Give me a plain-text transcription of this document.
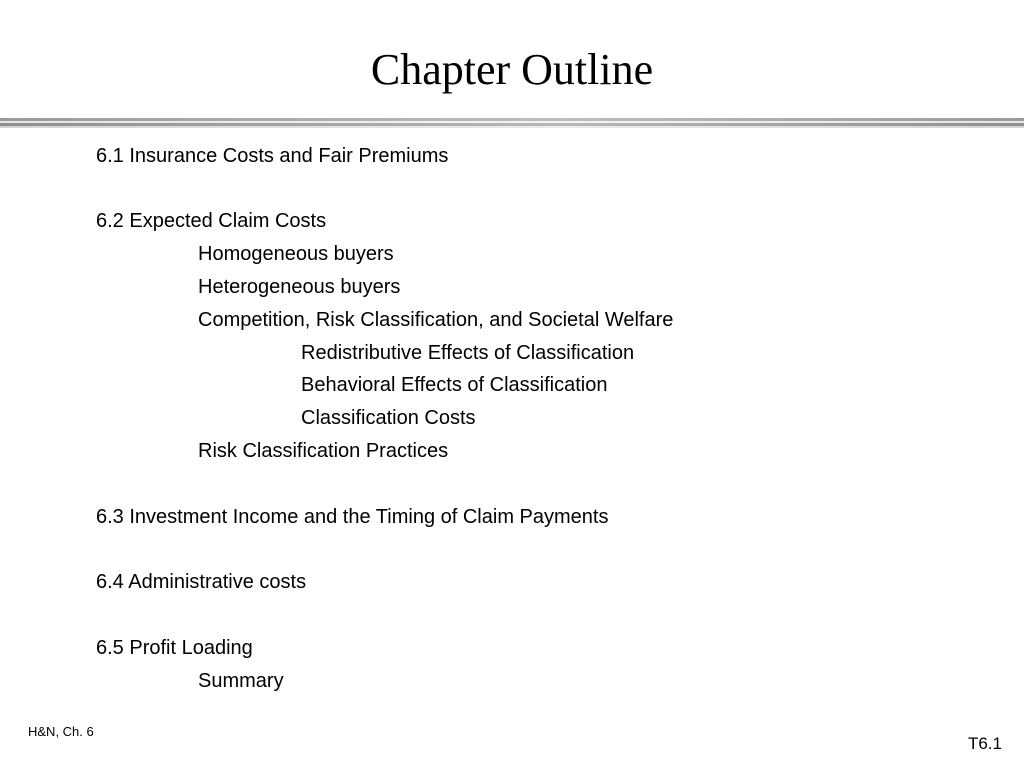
Chapter Outline
6.1 Insurance Costs and Fair Premiums
6.2 Expected Claim Costs
Homogeneous buyers
Heterogeneous buyers
Competition, Risk Classification, and Societal Welfare
Redistributive Effects of Classification
Behavioral Effects of Classification
Classification Costs
Risk Classification Practices
6.3 Investment Income and the Timing of Claim Payments
6.4 Administrative costs
6.5 Profit Loading
Summary
H&N, Ch. 6
T6.1
